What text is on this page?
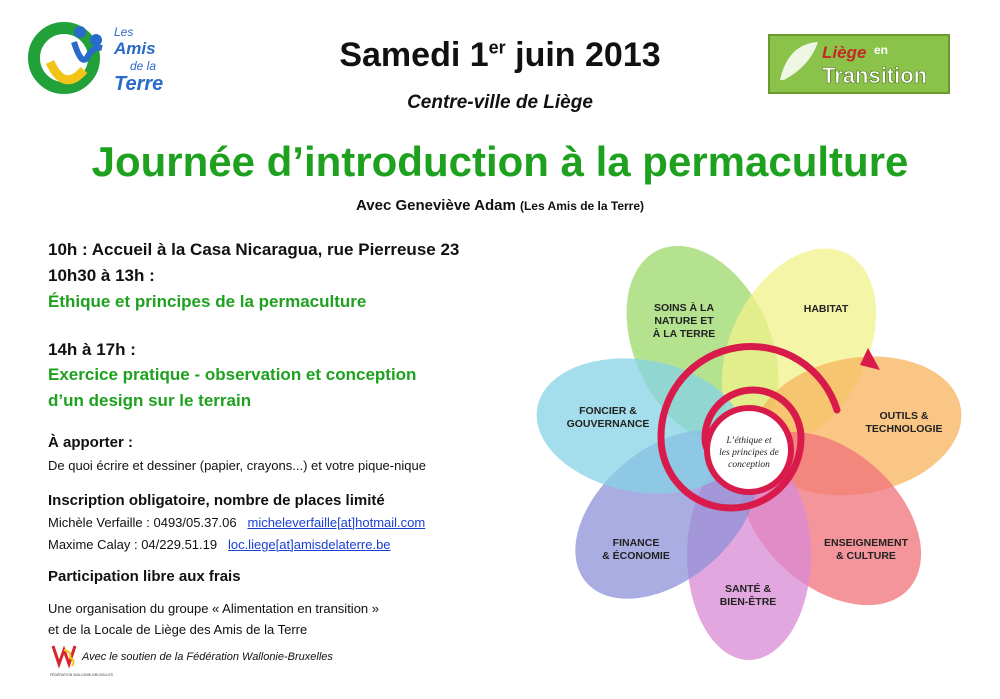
Les
Amis
de la
Terre
Liège en
Transition
Samedi 1er juin 2013
Centre-ville de Liège
Journée d’introduction à la permaculture
Avec Geneviève Adam (Les Amis de la Terre)
10h : Accueil à la Casa Nicaragua, rue Pierreuse 23
10h30 à 13h :
Éthique et principes de la permaculture
14h à 17h :
Exercice pratique - observation et conception
d’un design sur le terrain
À apporter :
De quoi écrire et dessiner (papier, crayons...) et votre pique-nique
Inscription obligatoire, nombre de places limité
Michèle Verfaille : 0493/05.37.06 micheleverfaille[at]hotmail.com
Maxime Calay : 04/229.51.19 loc.liege[at]amisdelaterre.be
Participation libre aux frais
Une organisation du groupe « Alimentation en transition »
et de la Locale de Liège des Amis de la Terre
FÉDÉRATION WALLONIE-BRUXELLES
Avec le soutien de la Fédération Wallonie-Bruxelles
L’éthique et
les principes de
conception
SOINS À LA
NATURE ET
À LA TERRE
HABITAT
OUTILS &
TECHNOLOGIE
ENSEIGNEMENT
& CULTURE
SANTÉ &
BIEN-ÊTRE
FINANCE
& ÉCONOMIE
FONCIER &
GOUVERNANCE
